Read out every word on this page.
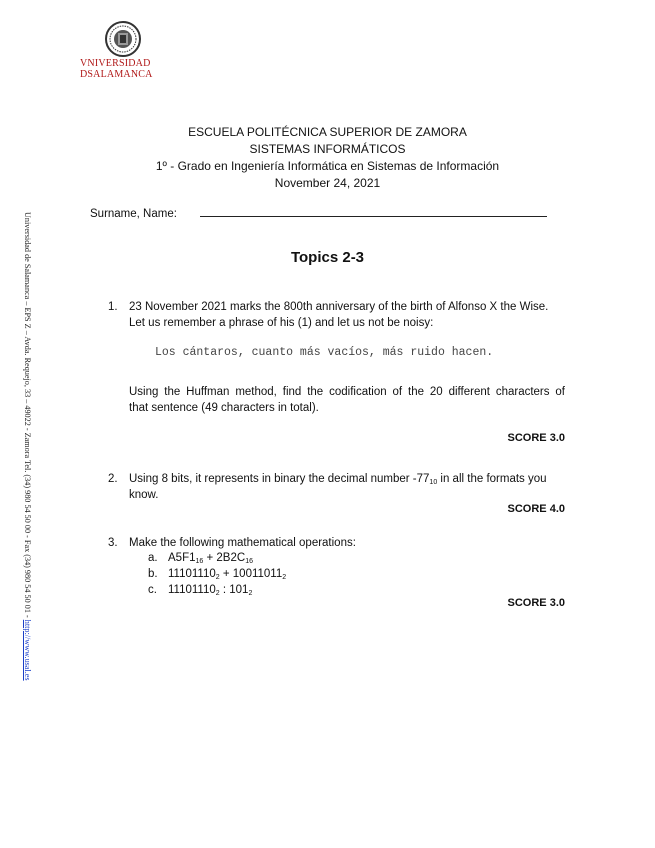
VNIVERSIDAD
DSALAMANCA
Universidad de Salamanca – EPS Z – Avda. Requejo, 33 – 49022 - Zamora Tel. (34) 980 54 50 00 - Fax (34) 980 54 50 01 - http://www.usal.es
ESCUELA POLITÉCNICA SUPERIOR DE ZAMORA
SISTEMAS INFORMÁTICOS
1º - Grado en Ingeniería Informática en Sistemas de Información
November 24, 2021
Surname, Name:
Topics 2-3
1. 23 November 2021 marks the 800th anniversary of the birth of Alfonso X the Wise.
Let us remember a phrase of his (1) and let us not be noisy:
Los cántaros, cuanto más vacíos, más ruido hacen.
Using the Huffman method, find the codification of the 20 different characters of
that sentence (49 characters in total).
SCORE 3.0
2. Using 8 bits, it represents in binary the decimal number $-77_{10}$ in all the formats you
know.
SCORE 4.0
3. Make the following mathematical operations:
a. $A5F1_{16} + 2B2C_{16}$
b. $11101110_2 + 10011011_2$
c. $11101110_2$ : $101_2$
SCORE 3.0
